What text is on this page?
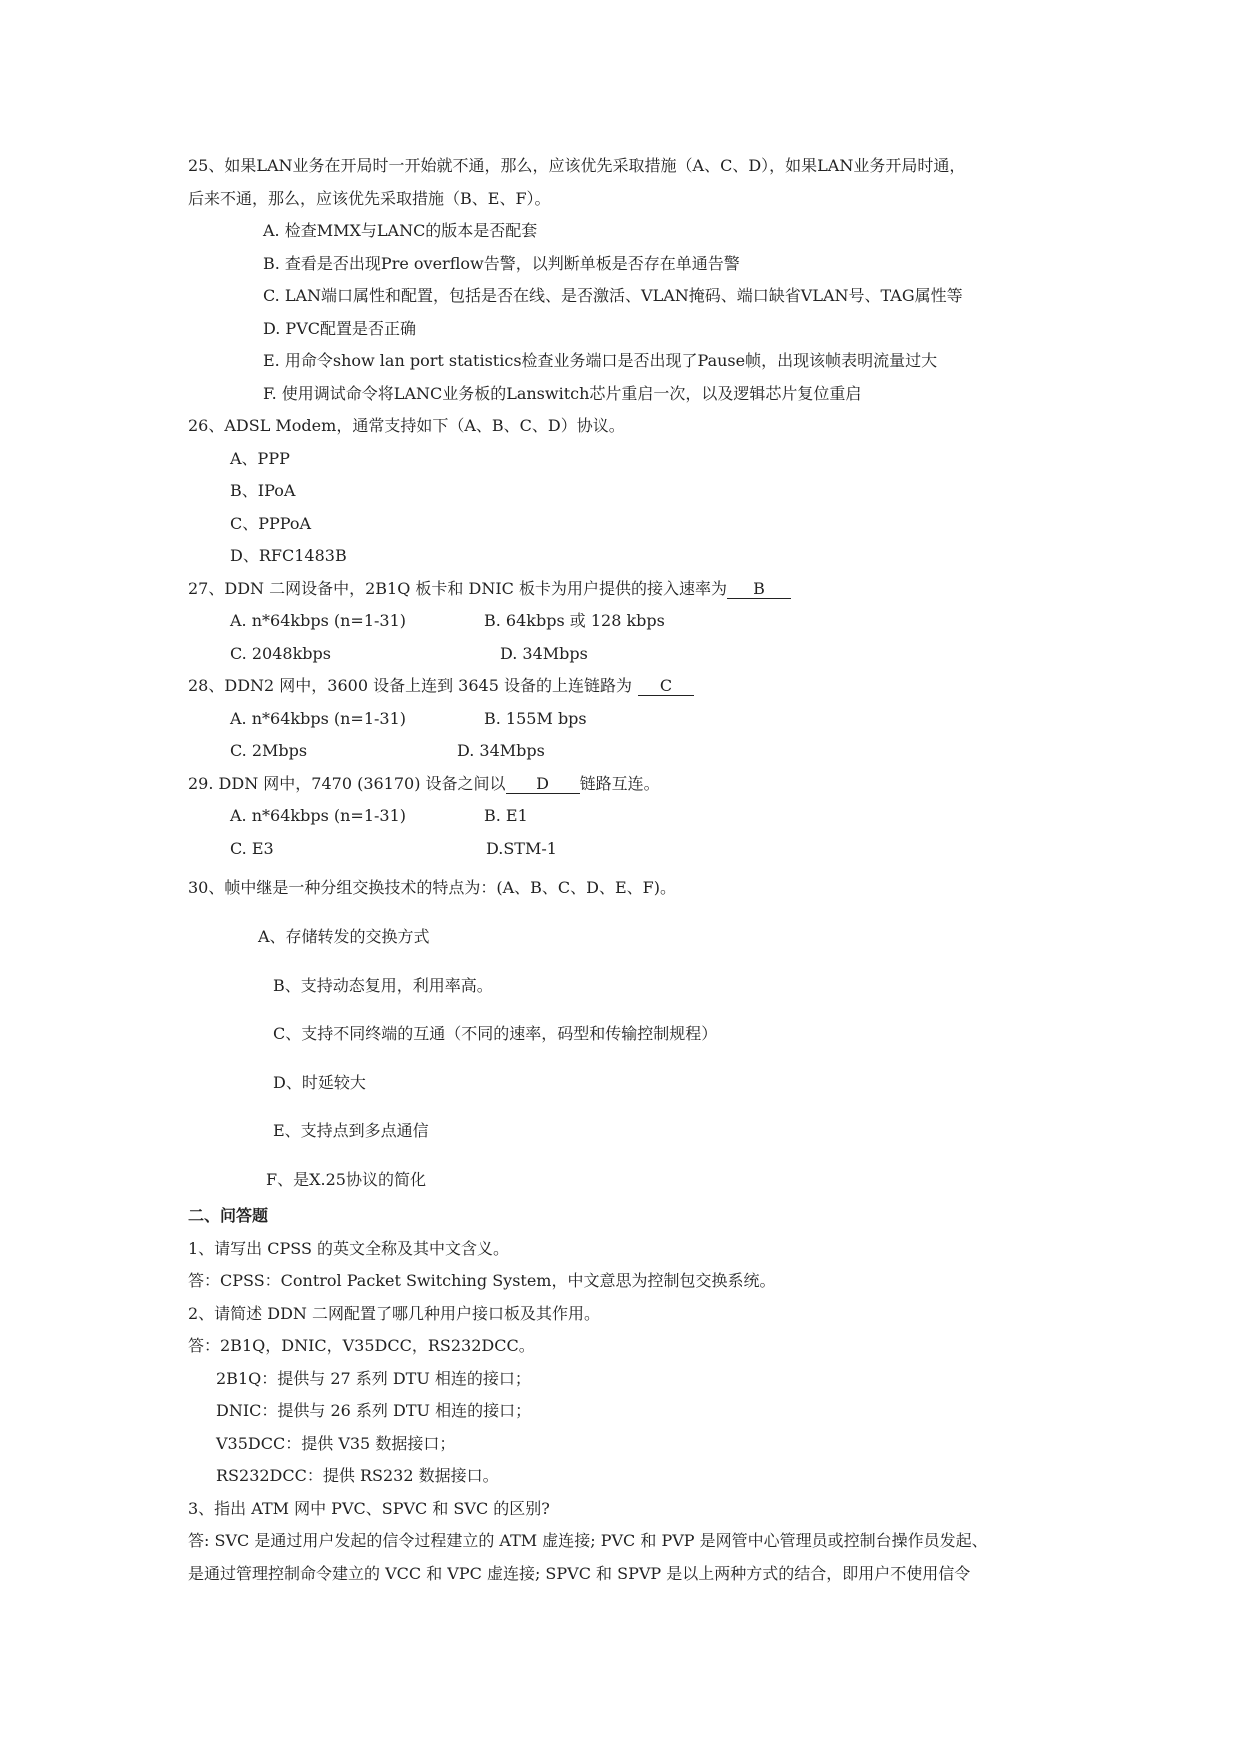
25、如果LAN业务在开局时一开始就不通，那么，应该优先采取措施（A、C、D），如果LAN业务开局时通，
后来不通，那么，应该优先采取措施（B、E、F）。
A. 检查MMX与LANC的版本是否配套
B. 查看是否出现Pre overflow告警，以判断单板是否存在单通告警
C. LAN端口属性和配置，包括是否在线、是否激活、VLAN掩码、端口缺省VLAN号、TAG属性等
D. PVC配置是否正确
E. 用命令show lan port statistics检查业务端口是否出现了Pause帧，出现该帧表明流量过大
F. 使用调试命令将LANC业务板的Lanswitch芯片重启一次，以及逻辑芯片复位重启
26、ADSL Modem，通常支持如下（A、B、C、D）协议。
A、PPP
B、IPoA
C、PPPoA
D、RFC1483B
27、DDN 二网设备中，2B1Q 板卡和 DNIC 板卡为用户提供的接入速率为 B
A. n*64kbps (n=1-31)	B. 64kbps 或 128 kbps
C. 2048kbps	D. 34Mbps
28、DDN2 网中，3600 设备上连到 3645 设备的上连链路为 C
A. n*64kbps (n=1-31)	B. 155M bps
C. 2Mbps	D. 34Mbps
29. DDN 网中，7470 (36170) 设备之间以 D 链路互连。
A. n*64kbps (n=1-31)	B. E1
C. E3	D.STM-1
30、帧中继是一种分组交换技术的特点为：(A、B、C、D、E、F)。
A、存储转发的交换方式
B、支持动态复用，利用率高。
C、支持不同终端的互通（不同的速率，码型和传输控制规程）
D、时延较大
E、支持点到多点通信
F、是X.25协议的简化
二、问答题
1、请写出 CPSS 的英文全称及其中文含义。
答：CPSS：Control Packet Switching System，中文意思为控制包交换系统。
2、请简述 DDN 二网配置了哪几种用户接口板及其作用。
答：2B1Q，DNIC，V35DCC，RS232DCC。
2B1Q：提供与 27 系列 DTU 相连的接口；
DNIC：提供与 26 系列 DTU 相连的接口；
V35DCC：提供 V35 数据接口；
RS232DCC：提供 RS232 数据接口。
3、指出 ATM 网中 PVC、SPVC 和 SVC 的区别?
答: SVC 是通过用户发起的信令过程建立的 ATM 虚连接; PVC 和 PVP 是网管中心管理员或控制台操作员发起、
是通过管理控制命令建立的 VCC 和 VPC 虚连接; SPVC 和 SPVP 是以上两种方式的结合，即用户不使用信令
